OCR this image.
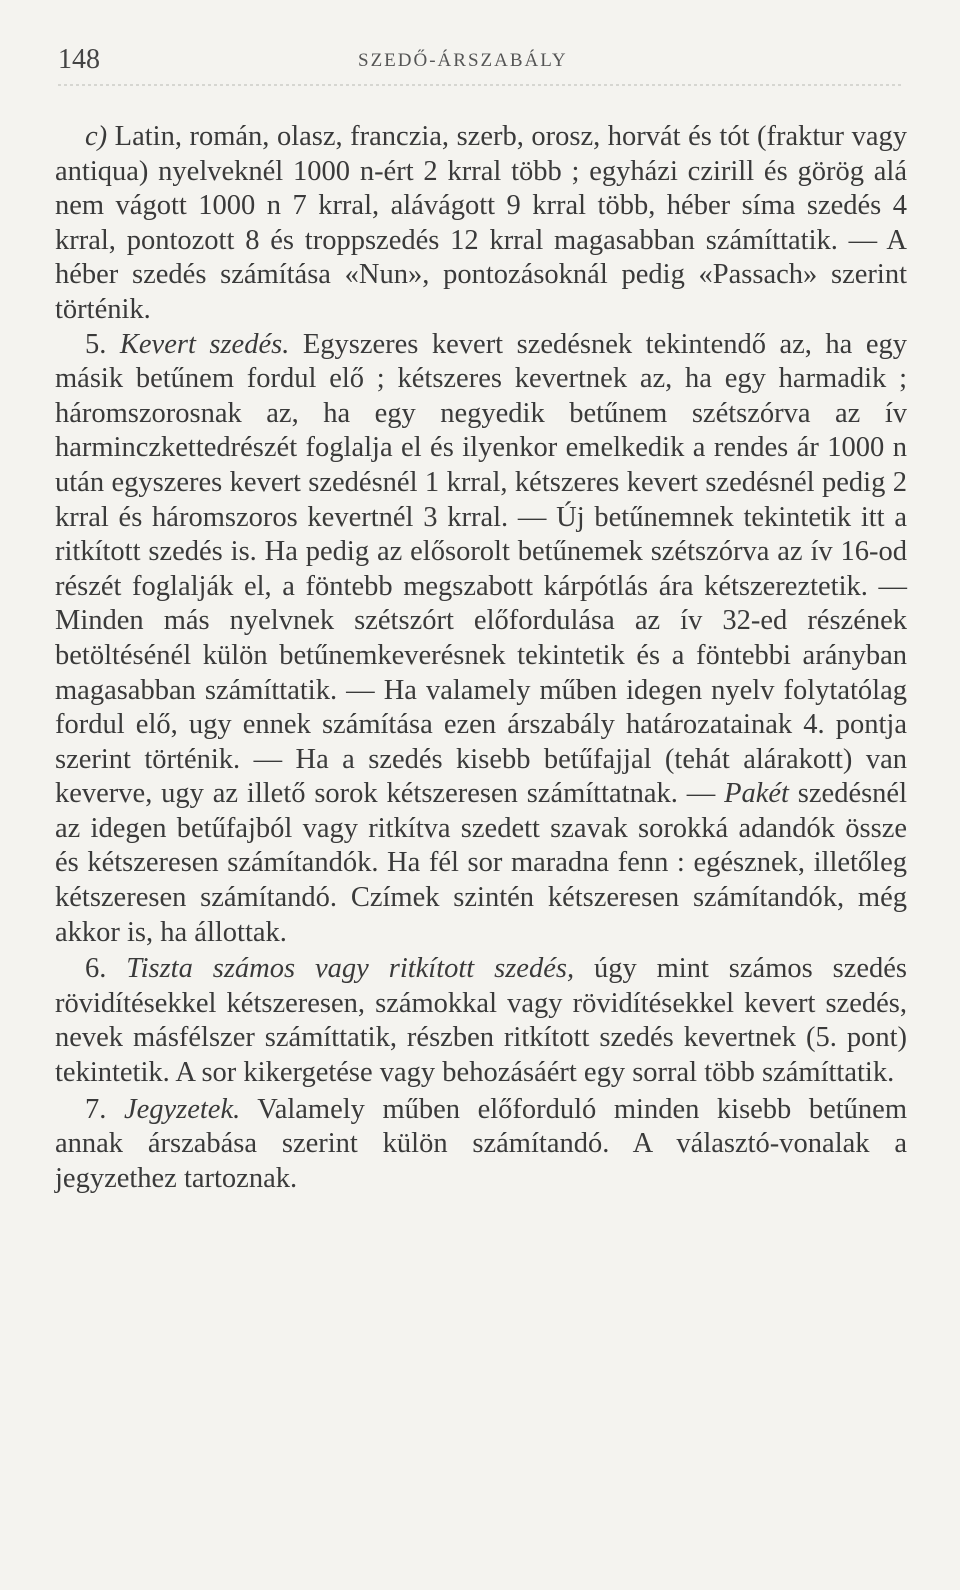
148	SZEDŐ-ÁRSZABÁLY

c) Latin, román, olasz, franczia, szerb, orosz, horvát és tót (fraktur vagy antiqua) nyelveknél 1000 n-ért 2 krral több ; egyházi czirill és görög alá nem vágott 1000 n 7 krral, alávágott 9 krral több, héber síma szedés 4 krral, pontozott 8 és troppszedés 12 krral magasabban számíttatik. — A héber szedés számítása «Nun», pontozásoknál pedig «Passach» szerint történik.

5. Kevert szedés. Egyszeres kevert szedésnek tekintendő az, ha egy másik betűnem fordul elő ; kétszeres kevertnek az, ha egy harmadik ; háromszorosnak az, ha egy negyedik betűnem szétszórva az ív harminczkettedrészét foglalja el és ilyenkor emelkedik a rendes ár 1000 n után egyszeres kevert szedésnél 1 krral, kétszeres kevert szedésnél pedig 2 krral és háromszoros kevertnél 3 krral. — Új betűnemnek tekintetik itt a ritkított szedés is. Ha pedig az elősorolt betűnemek szétszórva az ív 16-od részét foglalják el, a föntebb megszabott kárpótlás ára kétszereztetik. — Minden más nyelvnek szétszórt előfordulása az ív 32-ed részének betöltésénél külön betűnemkeverésnek tekintetik és a föntebbi arányban magasabban számíttatik. — Ha valamely műben idegen nyelv folytatólag fordul elő, ugy ennek számítása ezen árszabály határozatainak 4. pontja szerint történik. — Ha a szedés kisebb betűfajjal (tehát alárakott) van keverve, ugy az illető sorok kétszeresen számíttatnak. — Pakét szedésnél az idegen betűfajból vagy ritkítva szedett szavak sorokká adandók össze és kétszeresen számítandók. Ha fél sor maradna fenn : egésznek, illetőleg kétszeresen számítandó. Czímek szintén kétszeresen számítandók, még akkor is, ha állottak.

6. Tiszta számos vagy ritkított szedés, úgy mint számos szedés rövidítésekkel kétszeresen, számokkal vagy rövidítésekkel kevert szedés, nevek másfélszer számíttatik, részben ritkított szedés kevertnek (5. pont) tekintetik. A sor kikergetése vagy behozásáért egy sorral több számíttatik.

7. Jegyzetek. Valamely műben előforduló minden kisebb betűnem annak árszabása szerint külön számítandó. A választó-vonalak a jegyzethez tartoznak.
